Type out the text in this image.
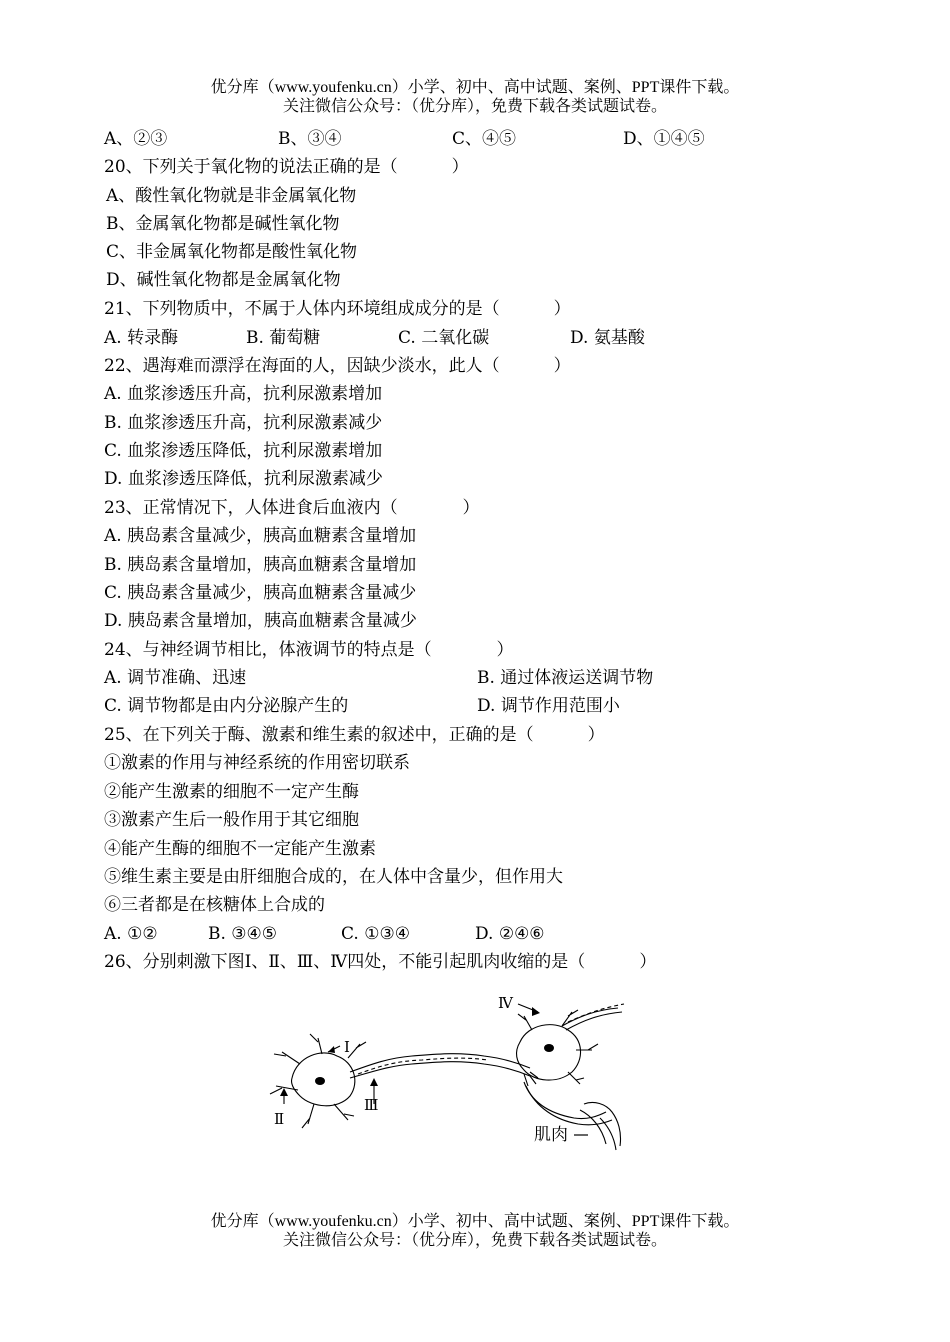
优分库（www.youfenku.cn）小学、初中、高中试题、案例、PPT课件下载。
关注微信公众号：（优分库），免费下载各类试题试卷。
A、②③	B、③④	C、④⑤	D、①④⑤
20、下列关于氧化物的说法正确的是（          ）
A、酸性氧化物就是非金属氧化物
B、金属氧化物都是碱性氧化物
C、非金属氧化物都是酸性氧化物
D、碱性氧化物都是金属氧化物
21、下列物质中，不属于人体内环境组成成分的是（          ）
A. 转录酶	B. 葡萄糖	C. 二氧化碳	D. 氨基酸
22、遇海难而漂浮在海面的人，因缺少淡水，此人（          ）
A. 血浆渗透压升高，抗利尿激素增加
B. 血浆渗透压升高，抗利尿激素减少
C. 血浆渗透压降低，抗利尿激素增加
D. 血浆渗透压降低，抗利尿激素减少
23、正常情况下，人体进食后血液内（            ）
A. 胰岛素含量减少，胰高血糖素含量增加
B. 胰岛素含量增加，胰高血糖素含量增加
C. 胰岛素含量减少，胰高血糖素含量减少
D. 胰岛素含量增加，胰高血糖素含量减少
24、与神经调节相比，体液调节的特点是（            ）
A. 调节准确、迅速	B. 通过体液运送调节物
C. 调节物都是由内分泌腺产生的	D. 调节作用范围小
25、在下列关于酶、激素和维生素的叙述中，正确的是（          ）
①激素的作用与神经系统的作用密切联系
②能产生激素的细胞不一定产生酶
③激素产生后一般作用于其它细胞
④能产生酶的细胞不一定能产生激素
⑤维生素主要是由肝细胞合成的，在人体中含量少，但作用大
⑥三者都是在核糖体上合成的
A. ①②	B. ③④⑤	C. ①③④	D. ②④⑥
26、分别刺激下图Ⅰ、Ⅱ、Ⅲ、Ⅳ四处，不能引起肌肉收缩的是（          ）
Ⅰ
Ⅱ
Ⅲ
Ⅳ
肌肉
优分库（www.youfenku.cn）小学、初中、高中试题、案例、PPT课件下载。
关注微信公众号：（优分库），免费下载各类试题试卷。
